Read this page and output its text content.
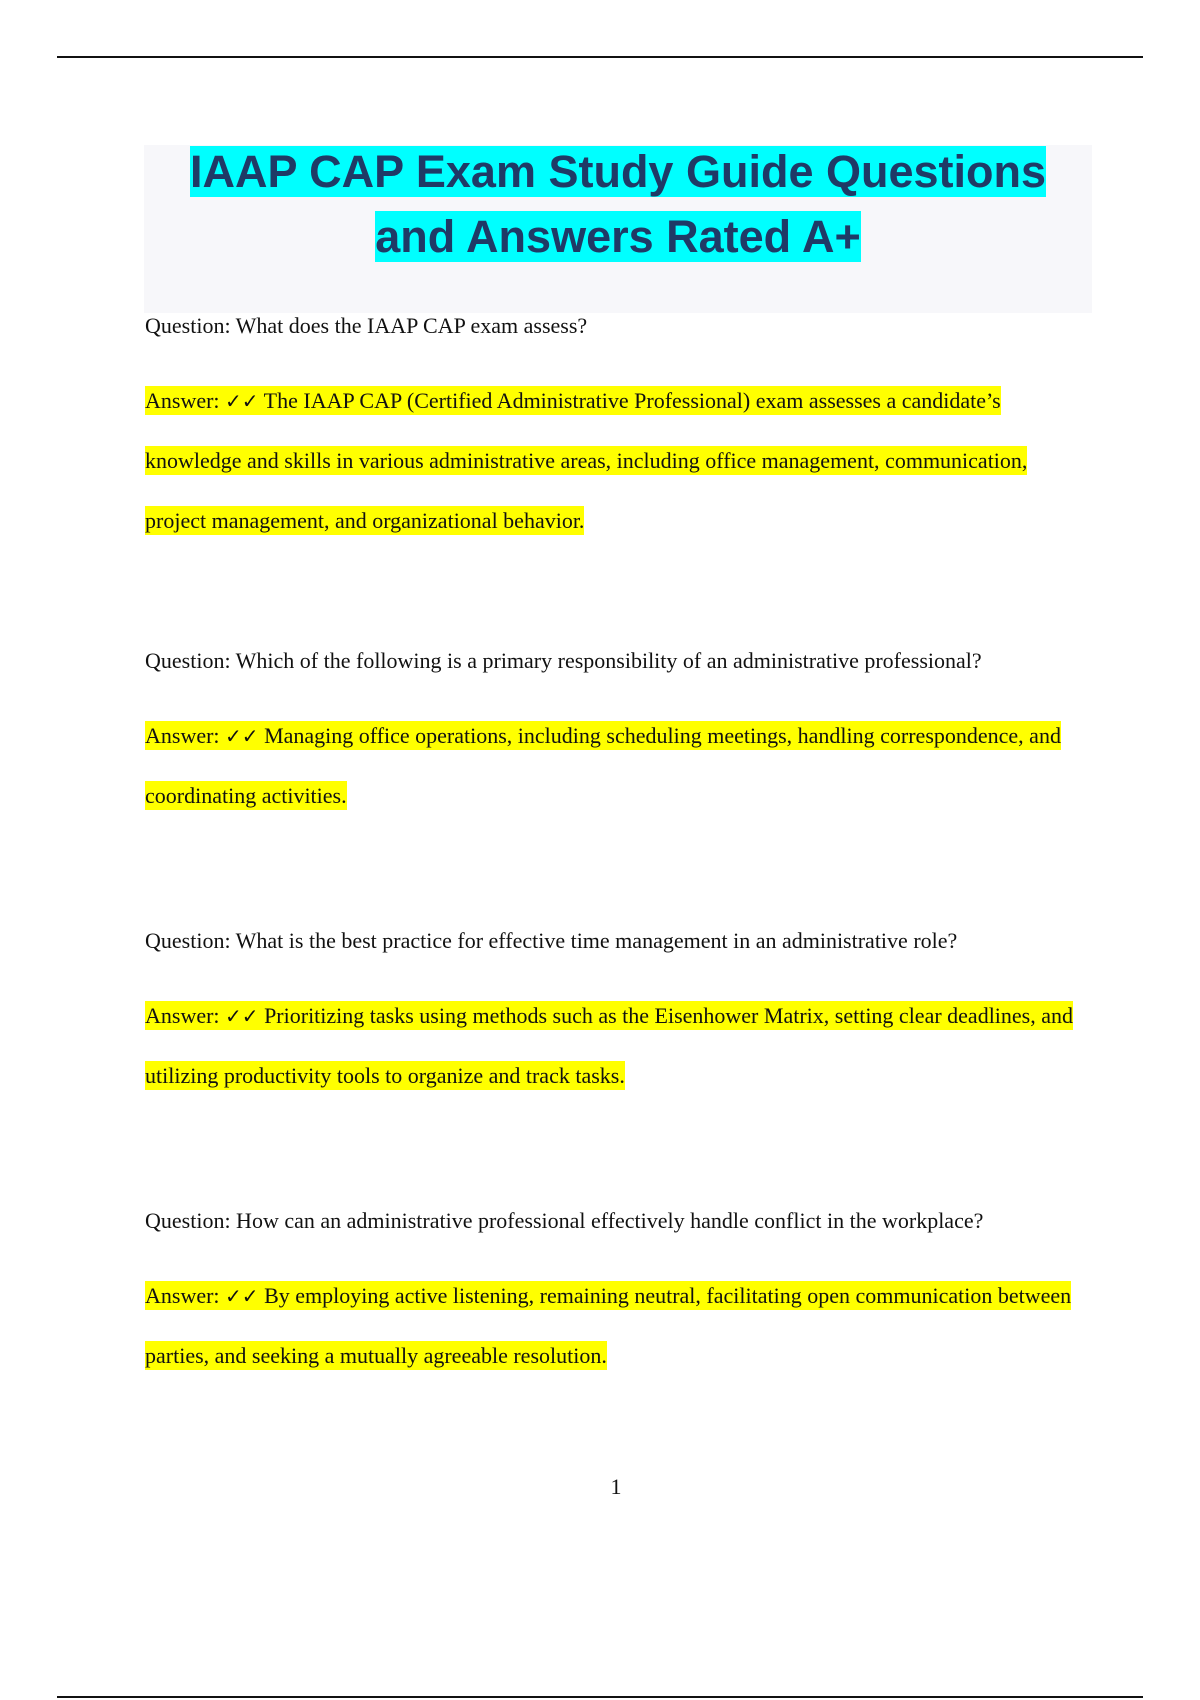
IAAP CAP Exam Study Guide Questions and Answers Rated A+
Question: What does the IAAP CAP exam assess?
Answer: ✓✓ The IAAP CAP (Certified Administrative Professional) exam assesses a candidate’s knowledge and skills in various administrative areas, including office management, communication, project management, and organizational behavior.
Question: Which of the following is a primary responsibility of an administrative professional?
Answer: ✓✓ Managing office operations, including scheduling meetings, handling correspondence, and coordinating activities.
Question: What is the best practice for effective time management in an administrative role?
Answer: ✓✓ Prioritizing tasks using methods such as the Eisenhower Matrix, setting clear deadlines, and utilizing productivity tools to organize and track tasks.
Question: How can an administrative professional effectively handle conflict in the workplace?
Answer: ✓✓ By employing active listening, remaining neutral, facilitating open communication between parties, and seeking a mutually agreeable resolution.
1
